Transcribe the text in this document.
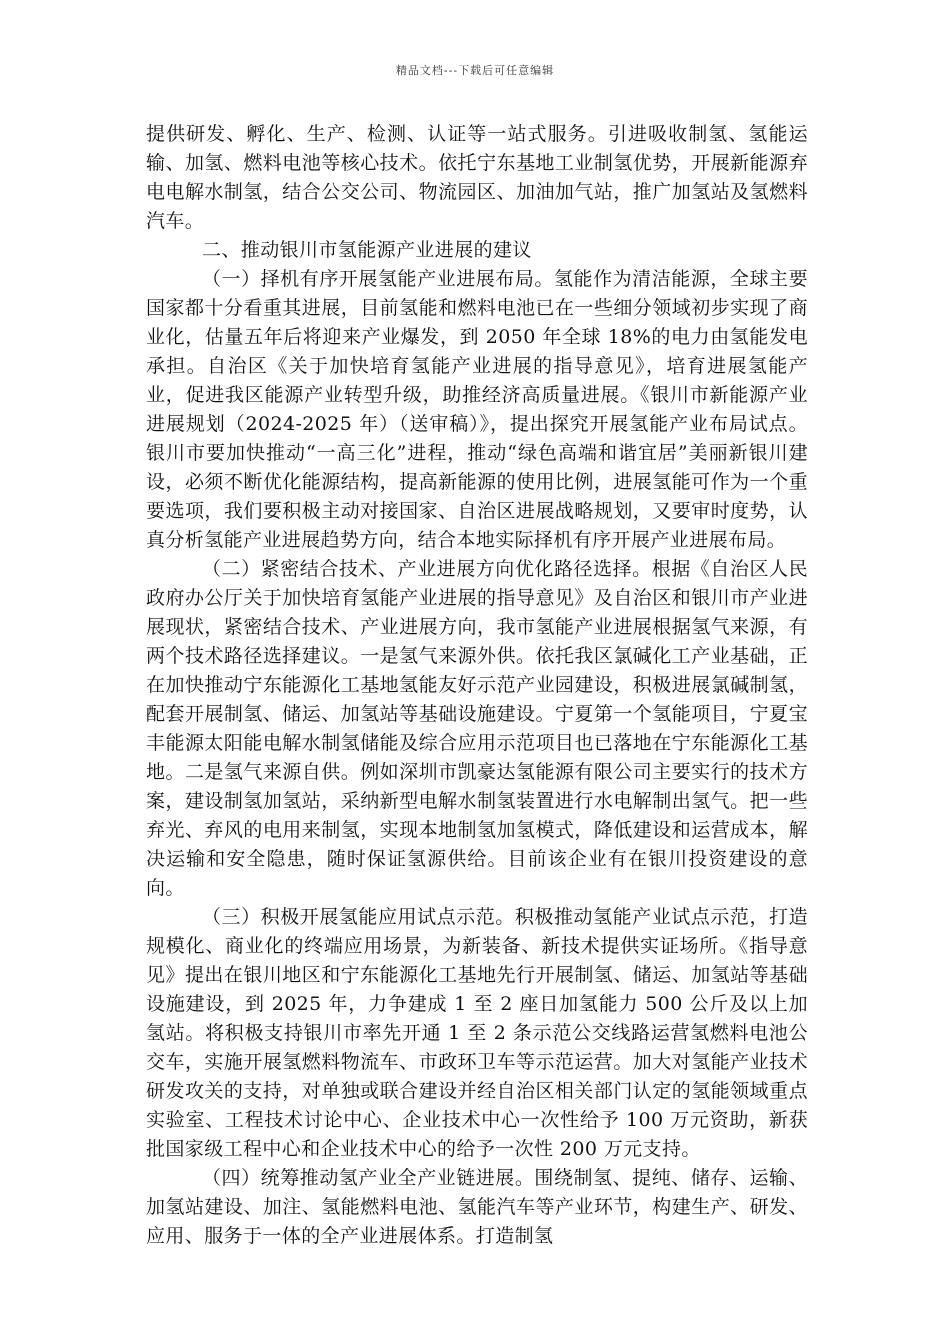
精品文档---下载后可任意编辑

提供研发、孵化、生产、检测、认证等一站式服务。引进吸收制氢、氢能运输、加氢、燃料电池等核心技术。依托宁东基地工业制氢优势，开展新能源弃电电解水制氢，结合公交公司、物流园区、加油加气站，推广加氢站及氢燃料汽车。

二、推动银川市氢能源产业进展的建议

（一）择机有序开展氢能产业进展布局。氢能作为清洁能源，全球主要国家都十分看重其进展，目前氢能和燃料电池已在一些细分领域初步实现了商业化，估量五年后将迎来产业爆发，到 2050 年全球 18%的电力由氢能发电承担。自治区《关于加快培育氢能产业进展的指导意见》，培育进展氢能产业，促进我区能源产业转型升级，助推经济高质量进展。《银川市新能源产业进展规划（2024-2025 年）（送审稿）》，提出探究开展氢能产业布局试点。银川市要加快推动“一高三化”进程，推动“绿色高端和谐宜居”美丽新银川建设，必须不断优化能源结构，提高新能源的使用比例，进展氢能可作为一个重要选项，我们要积极主动对接国家、自治区进展战略规划，又要审时度势，认真分析氢能产业进展趋势方向，结合本地实际择机有序开展产业进展布局。

（二）紧密结合技术、产业进展方向优化路径选择。根据《自治区人民政府办公厅关于加快培育氢能产业进展的指导意见》及自治区和银川市产业进展现状，紧密结合技术、产业进展方向，我市氢能产业进展根据氢气来源，有两个技术路径选择建议。一是氢气来源外供。依托我区氯碱化工产业基础，正在加快推动宁东能源化工基地氢能友好示范产业园建设，积极进展氯碱制氢，配套开展制氢、储运、加氢站等基础设施建设。宁夏第一个氢能项目，宁夏宝丰能源太阳能电解水制氢储能及综合应用示范项目也已落地在宁东能源化工基地。二是氢气来源自供。例如深圳市凯豪达氢能源有限公司主要实行的技术方案，建设制氢加氢站，采纳新型电解水制氢装置进行水电解制出氢气。把一些弃光、弃风的电用来制氢，实现本地制氢加氢模式，降低建设和运营成本，解决运输和安全隐患，随时保证氢源供给。目前该企业有在银川投资建设的意向。

（三）积极开展氢能应用试点示范。积极推动氢能产业试点示范，打造规模化、商业化的终端应用场景，为新装备、新技术提供实证场所。《指导意见》提出在银川地区和宁东能源化工基地先行开展制氢、储运、加氢站等基础设施建设，到 2025 年，力争建成 1 至 2 座日加氢能力 500 公斤及以上加氢站。将积极支持银川市率先开通 1 至 2 条示范公交线路运营氢燃料电池公交车，实施开展氢燃料物流车、市政环卫车等示范运营。加大对氢能产业技术研发攻关的支持，对单独或联合建设并经自治区相关部门认定的氢能领域重点实验室、工程技术讨论中心、企业技术中心一次性给予 100 万元资助，新获批国家级工程中心和企业技术中心的给予一次性 200 万元支持。

（四）统筹推动氢产业全产业链进展。围绕制氢、提纯、储存、运输、加氢站建设、加注、氢能燃料电池、氢能汽车等产业环节，构建生产、研发、应用、服务于一体的全产业进展体系。打造制氢
